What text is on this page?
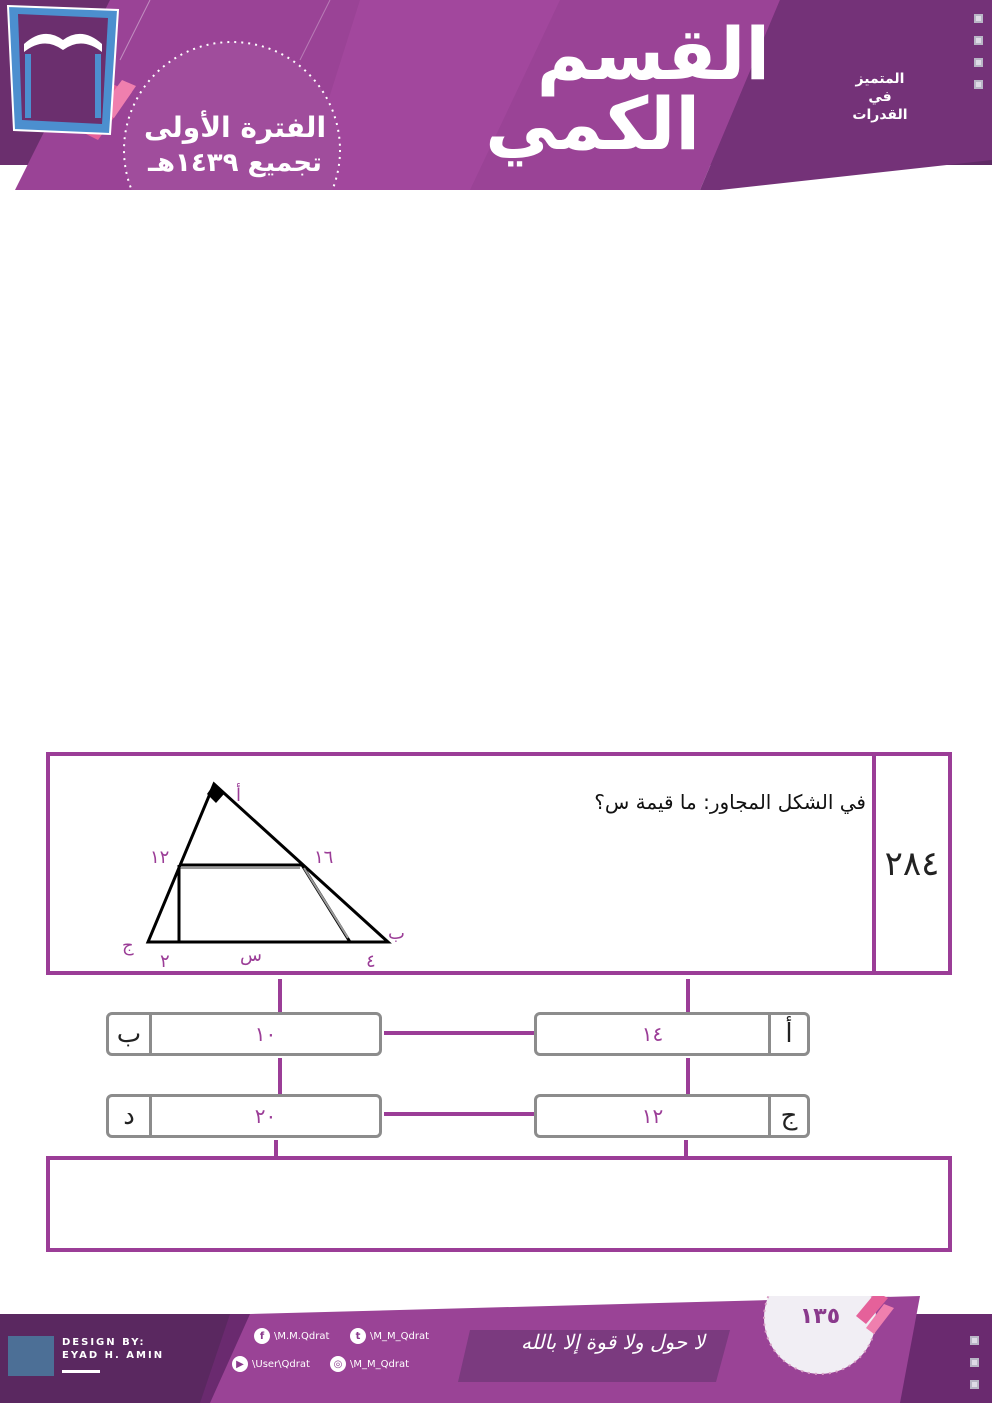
القسم
الكمي
الفترة الأولى
تجميع ١٤٣٩هـ
المتميز
في
القدرات
٢٨٤
في الشكل المجاور: ما قيمة س؟
أ
ب
ج
١٢	١٦
٢	س	٤
١٤	أ
ب	١٠
١٢	ج
د	٢٠
DESIGN BY:
EYAD H. AMIN
f \M.M.Qdrat	t \M_M_Qdrat
▶ \User\Qdrat	◎ \M_M_Qdrat
لا حول ولا قوة إلا بالله
١٣٥
